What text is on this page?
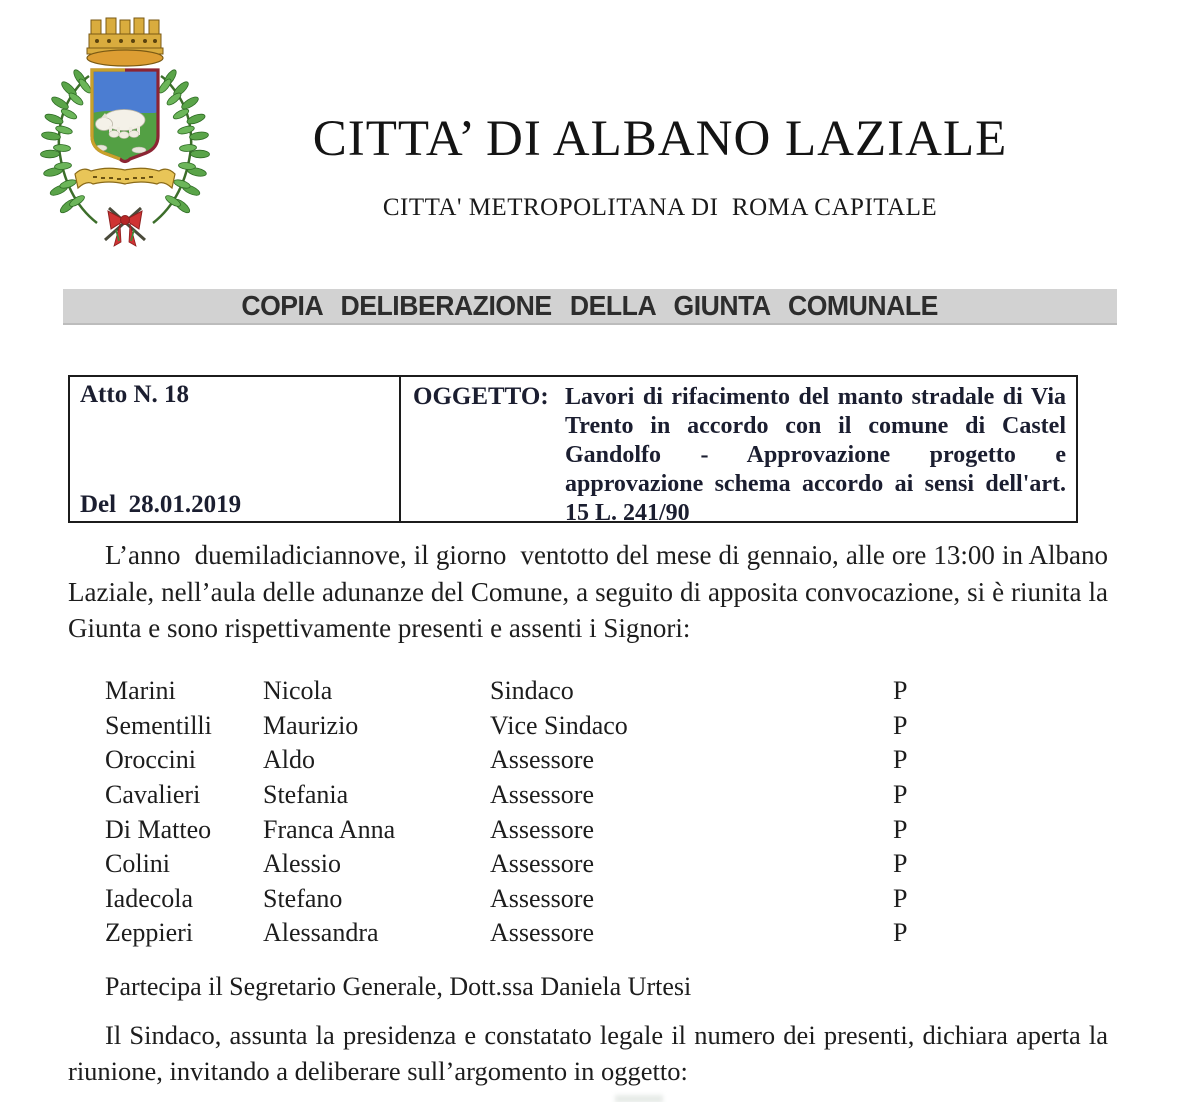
CITTA’ DI ALBANO LAZIALE
CITTA' METROPOLITANA DI  ROMA CAPITALE
COPIA DELIBERAZIONE DELLA GIUNTA COMUNALE
Atto N. 18
Del  28.01.2019
OGGETTO: Lavori di rifacimento del manto stradale di Via Trento in accordo con il comune di Castel Gandolfo - Approvazione progetto e approvazione schema accordo ai sensi dell'art. 15 L. 241/90
L’anno  duemiladiciannove, il giorno  ventotto del mese di gennaio, alle ore 13:00 in Albano Laziale, nell’aula delle adunanze del Comune, a seguito di apposita convocazione, si è riunita la Giunta e sono rispettivamente presenti e assenti i Signori:
Marini	Nicola	Sindaco	P
Sementilli	Maurizio	Vice Sindaco	P
Oroccini	Aldo	Assessore	P
Cavalieri	Stefania	Assessore	P
Di Matteo	Franca Anna	Assessore	P
Colini	Alessio	Assessore	P
Iadecola	Stefano	Assessore	P
Zeppieri	Alessandra	Assessore	P
Partecipa il Segretario Generale, Dott.ssa Daniela Urtesi
Il Sindaco, assunta la presidenza e constatato legale il numero dei presenti, dichiara aperta la riunione, invitando a deliberare sull’argomento in oggetto:
